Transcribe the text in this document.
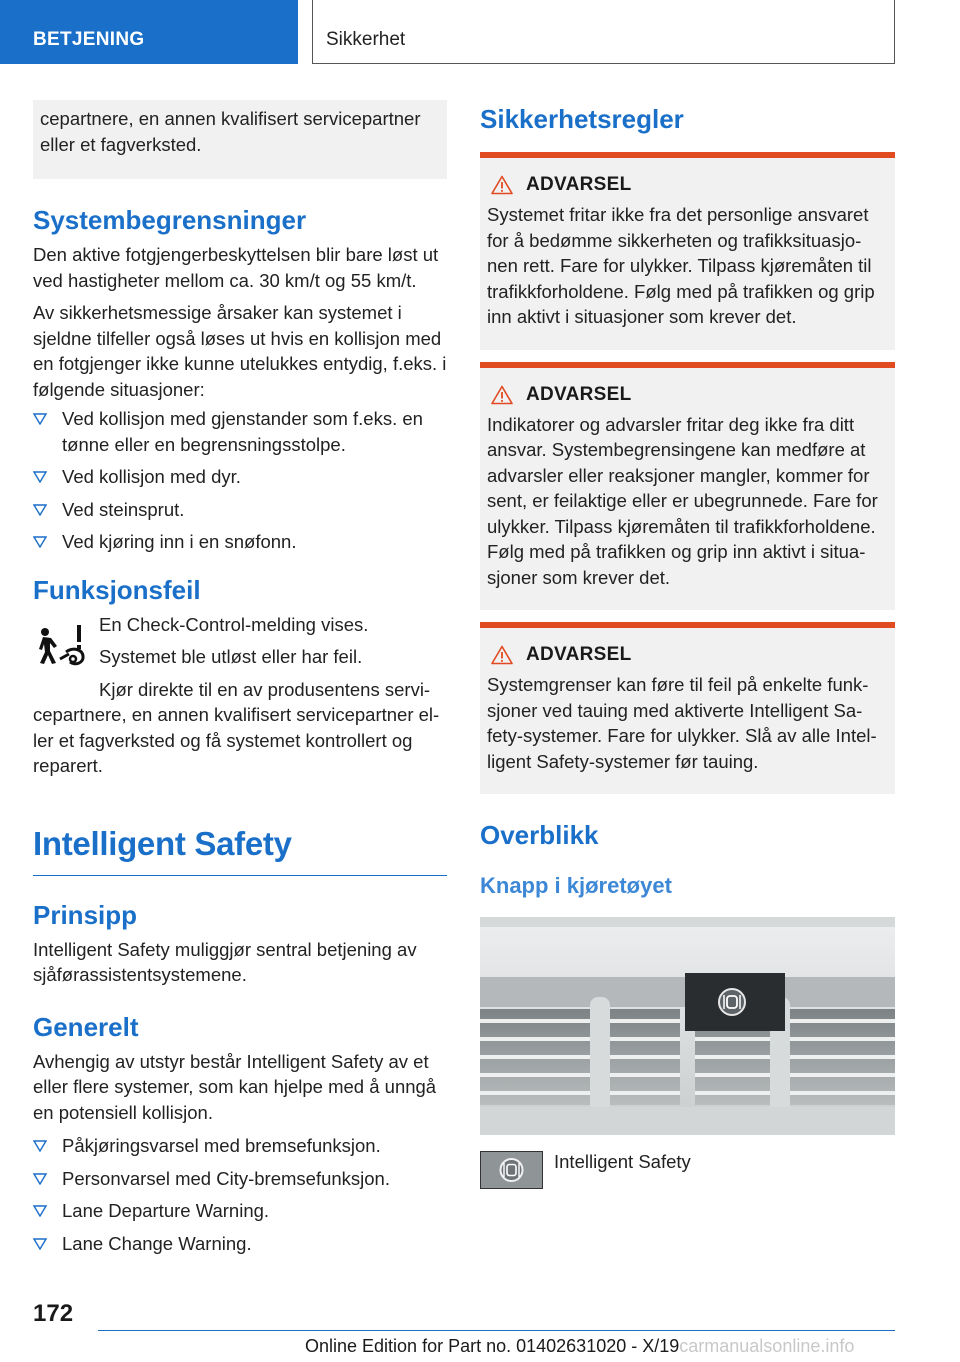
BETJENING	Sikkerhet
cepartnere, en annen kvalifisert servicepartner eller et fagverksted.
Systembegrensninger

Den aktive fotgjengerbeskyttelsen blir bare løst ut ved hastigheter mellom ca. 30 km/t og 55 km/t.

Av sikkerhetsmessige årsaker kan systemet i sjeldne tilfeller også løses ut hvis en kollisjon med en fotgjenger ikke kunne utelukkes entydig, f.eks. i følgende situasjoner:

Ved kollisjon med gjenstander som f.eks. en tønne eller en begrensningsstolpe.
Ved kollisjon med dyr.
Ved steinsprut.
Ved kjøring inn i en snøfonn.
Funksjonsfeil

En Check-Control-melding vises.

Systemet ble utløst eller har feil.

Kjør direkte til en av produsentens servi-

cepartnere, en annen kvalifisert servicepartner el-ler et fagverksted og få systemet kontrollert og reparert.

Intelligent Safety
Prinsipp

Intelligent Safety muliggjør sentral betjening av sjåførassistentsystemene.

Generelt

Avhengig av utstyr består Intelligent Safety av et eller flere systemer, som kan hjelpe med å unngå en potensiell kollisjon.

Påkjøringsvarsel med bremsefunksjon.
Personvarsel med City-bremsefunksjon.
Lane Departure Warning.
Lane Change Warning.
Sikkerhetsregler
ADVARSEL

Systemet fritar ikke fra det personlige ansvaret for å bedømme sikkerheten og trafikksituasjo-nen rett. Fare for ulykker. Tilpass kjøremåten til trafikkforholdene. Følg med på trafikken og grip inn aktivt i situasjoner som krever det.

ADVARSEL

Indikatorer og advarsler fritar deg ikke fra ditt ansvar. Systembegrensingene kan medføre at advarsler eller reaksjoner mangler, kommer for sent, er feilaktige eller er ubegrunnede. Fare for ulykker. Tilpass kjøremåten til trafikkforholdene. Følg med på trafikken og grip inn aktivt i situa-sjoner som krever det.

ADVARSEL

Systemgrenser kan føre til feil på enkelte funk-sjoner ved tauing med aktiverte Intelligent Sa-fety-systemer. Fare for ulykker. Slå av alle Intel-ligent Safety-systemer før tauing.

Overblikk
Knapp i kjøretøyet

Intelligent Safety

172
Online Edition for Part no. 01402631020 - X/19carmanualsonline.info
